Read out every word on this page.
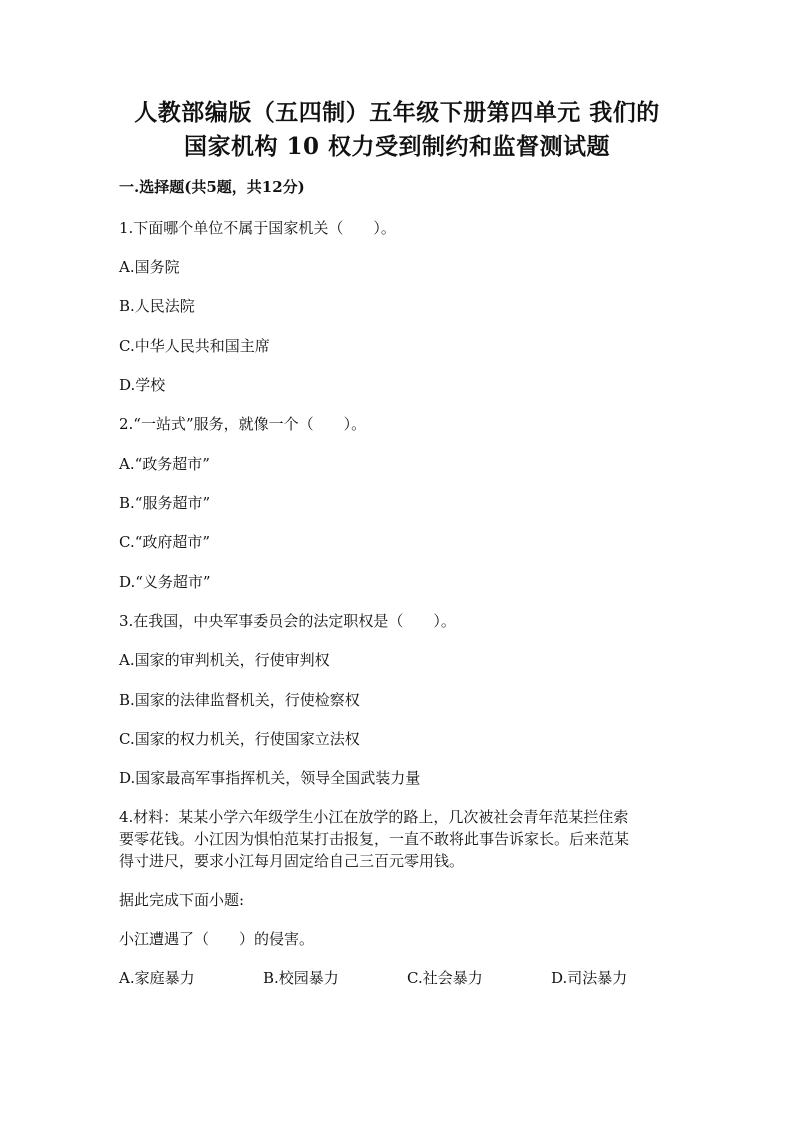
人教部编版（五四制）五年级下册第四单元 我们的
国家机构 10 权力受到制约和监督测试题
一.选择题(共5题，共12分)
1.下面哪个单位不属于国家机关（　　）。
A.国务院
B.人民法院
C.中华人民共和国主席
D.学校
2.“一站式”服务，就像一个（　　）。
A.“政务超市”
B.“服务超市”
C.“政府超市”
D.“义务超市”
3.在我国，中央军事委员会的法定职权是（　　）。
A.国家的审判机关，行使审判权
B.国家的法律监督机关，行使检察权
C.国家的权力机关，行使国家立法权
D.国家最高军事指挥机关，领导全国武装力量
4.材料：某某小学六年级学生小江在放学的路上，几次被社会青年范某拦住索
要零花钱。小江因为惧怕范某打击报复，一直不敢将此事告诉家长。后来范某
得寸进尺，要求小江每月固定给自己三百元零用钱。
据此完成下面小题:
小江遭遇了（　　）的侵害。
A.家庭暴力	B.校园暴力	C.社会暴力	D.司法暴力
